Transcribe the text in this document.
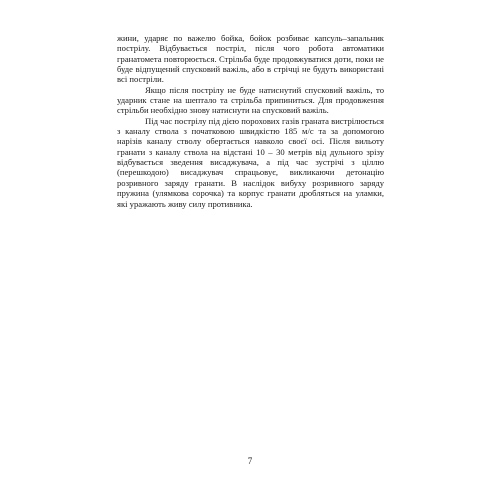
жини, ударяє по важелю бойка, бойок розбиває капсуль–запальник пострілу. Відбувається постріл, після чого робота автоматики гранатомета повторюється. Стрільба буде продовжуватися доти, поки не буде відпущений спусковий важіль, або в стрічці не будуть використані всі постріли.

Якщо після пострілу не буде натиснутий спусковий важіль, то ударник стане на шептало та стрільба припиниться. Для продовження стрільби необхідно знову натиснути на спусковий важіль.

Під час пострілу під дією порохових газів граната вистрілюється з каналу ствола з початковою швидкістю 185 м/с та за допомогою нарізів каналу стволу обертається навколо своєї осі. Після вильоту гранати з каналу ствола на відстані 10 – 30 метрів від дульного зрізу відбувається зведення висаджувача, а під час зустрічі з ціллю (перешкодою) висаджувач спрацьовує, викликаючи детонацію розривного заряду гранати. В наслідок вибуху розривного заряду пружина (улямкова сорочка) та корпус гранати дробляться на уламки, які уражають живу силу противника.

7
